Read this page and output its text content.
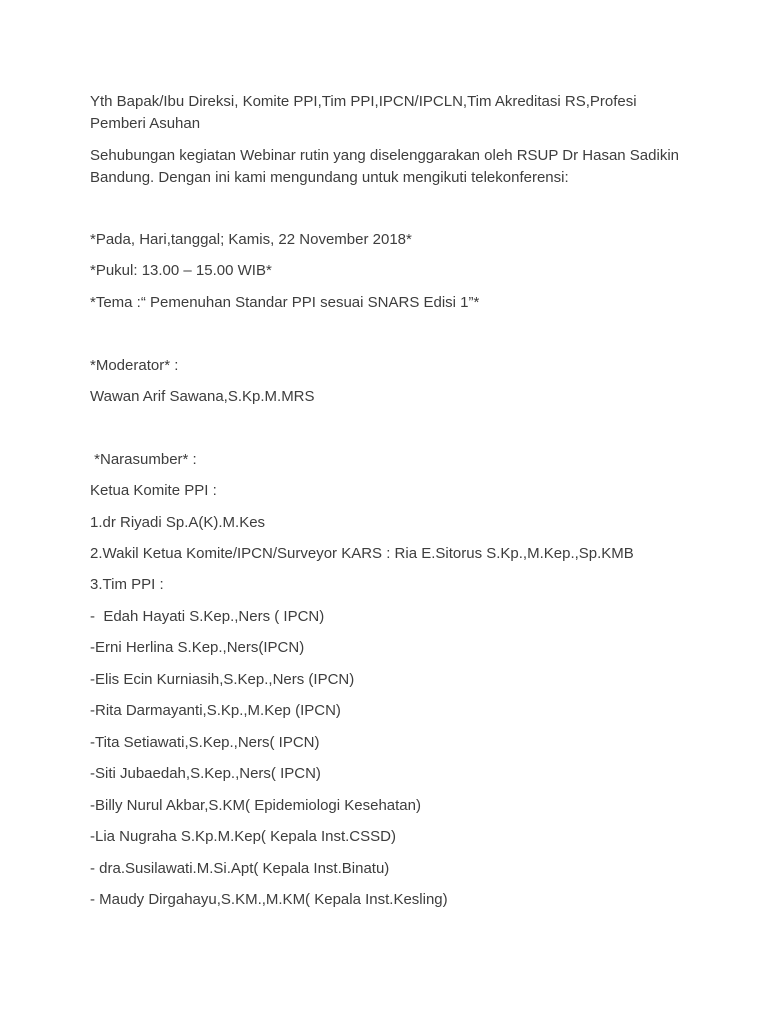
Yth Bapak/Ibu Direksi, Komite PPI,Tim PPI,IPCN/IPCLN,Tim Akreditasi RS,Profesi Pemberi Asuhan
Sehubungan kegiatan Webinar rutin yang diselenggarakan oleh RSUP Dr Hasan Sadikin Bandung. Dengan ini kami mengundang untuk mengikuti telekonferensi:
*Pada, Hari,tanggal; Kamis, 22 November 2018*
*Pukul: 13.00 – 15.00 WIB*
*Tema :“ Pemenuhan Standar PPI sesuai SNARS Edisi 1”*
*Moderator* :
Wawan Arif Sawana,S.Kp.M.MRS
*Narasumber* :
Ketua Komite PPI :
1.dr Riyadi Sp.A(K).M.Kes
2.Wakil Ketua Komite/IPCN/Surveyor KARS : Ria E.Sitorus S.Kp.,M.Kep.,Sp.KMB
3.Tim PPI :
-  Edah Hayati S.Kep.,Ners ( IPCN)
-Erni Herlina S.Kep.,Ners(IPCN)
-Elis Ecin Kurniasih,S.Kep.,Ners (IPCN)
-Rita Darmayanti,S.Kp.,M.Kep (IPCN)
-Tita Setiawati,S.Kep.,Ners( IPCN)
-Siti Jubaedah,S.Kep.,Ners( IPCN)
-Billy Nurul Akbar,S.KM( Epidemiologi Kesehatan)
-Lia Nugraha S.Kp.M.Kep( Kepala Inst.CSSD)
- dra.Susilawati.M.Si.Apt( Kepala Inst.Binatu)
- Maudy Dirgahayu,S.KM.,M.KM( Kepala Inst.Kesling)
